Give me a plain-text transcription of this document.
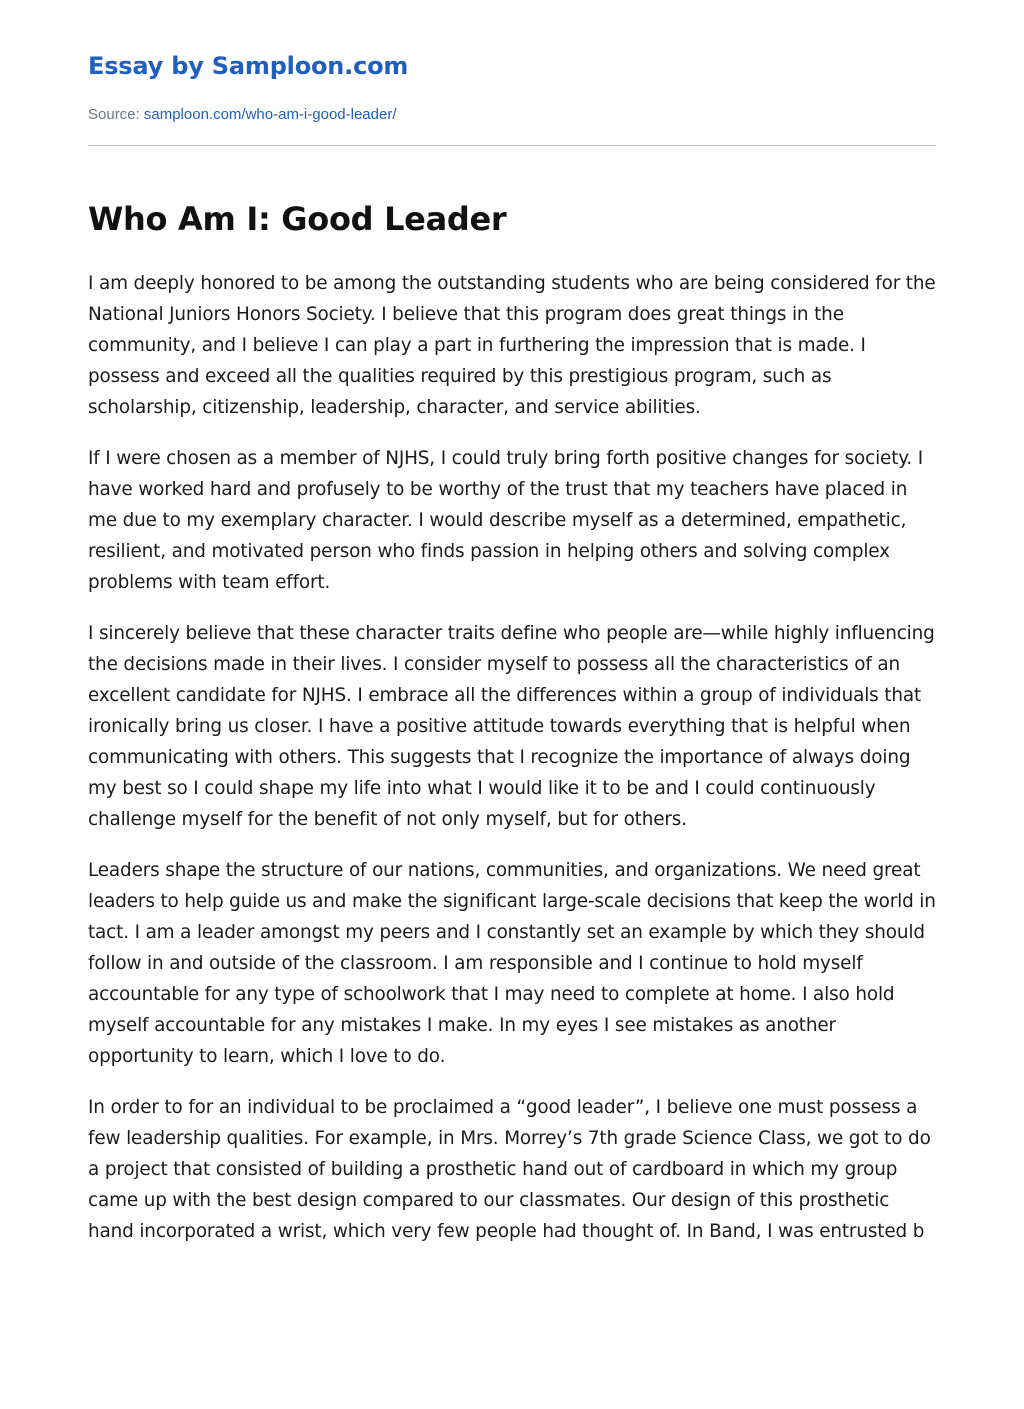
Essay by Samploon.com
Source: samploon.com/who-am-i-good-leader/
Who Am I: Good Leader

I am deeply honored to be among the outstanding students who are being considered for the National Juniors Honors Society. I believe that this program does great things in the community, and I believe I can play a part in furthering the impression that is made. I possess and exceed all the qualities required by this prestigious program, such as scholarship, citizenship, leadership, character, and service abilities.

If I were chosen as a member of NJHS, I could truly bring forth positive changes for society. I have worked hard and profusely to be worthy of the trust that my teachers have placed in me due to my exemplary character. I would describe myself as a determined, empathetic, resilient, and motivated person who finds passion in helping others and solving complex problems with team effort.

I sincerely believe that these character traits define who people are—while highly influencing the decisions made in their lives. I consider myself to possess all the characteristics of an excellent candidate for NJHS. I embrace all the differences within a group of individuals that ironically bring us closer. I have a positive attitude towards everything that is helpful when communicating with others. This suggests that I recognize the importance of always doing my best so I could shape my life into what I would like it to be and I could continuously challenge myself for the benefit of not only myself, but for others.

Leaders shape the structure of our nations, communities, and organizations. We need great leaders to help guide us and make the significant large-scale decisions that keep the world in tact. I am a leader amongst my peers and I constantly set an example by which they should follow in and outside of the classroom. I am responsible and I continue to hold myself accountable for any type of schoolwork that I may need to complete at home. I also hold myself accountable for any mistakes I make. In my eyes I see mistakes as another opportunity to learn, which I love to do.

In order to for an individual to be proclaimed a “good leader”, I believe one must possess a few leadership qualities. For example, in Mrs. Morrey’s 7th grade Science Class, we got to do a project that consisted of building a prosthetic hand out of cardboard in which my group came up with the best design compared to our classmates. Our design of this prosthetic hand incorporated a wrist, which very few people had thought of. In Band, I was entrusted b
